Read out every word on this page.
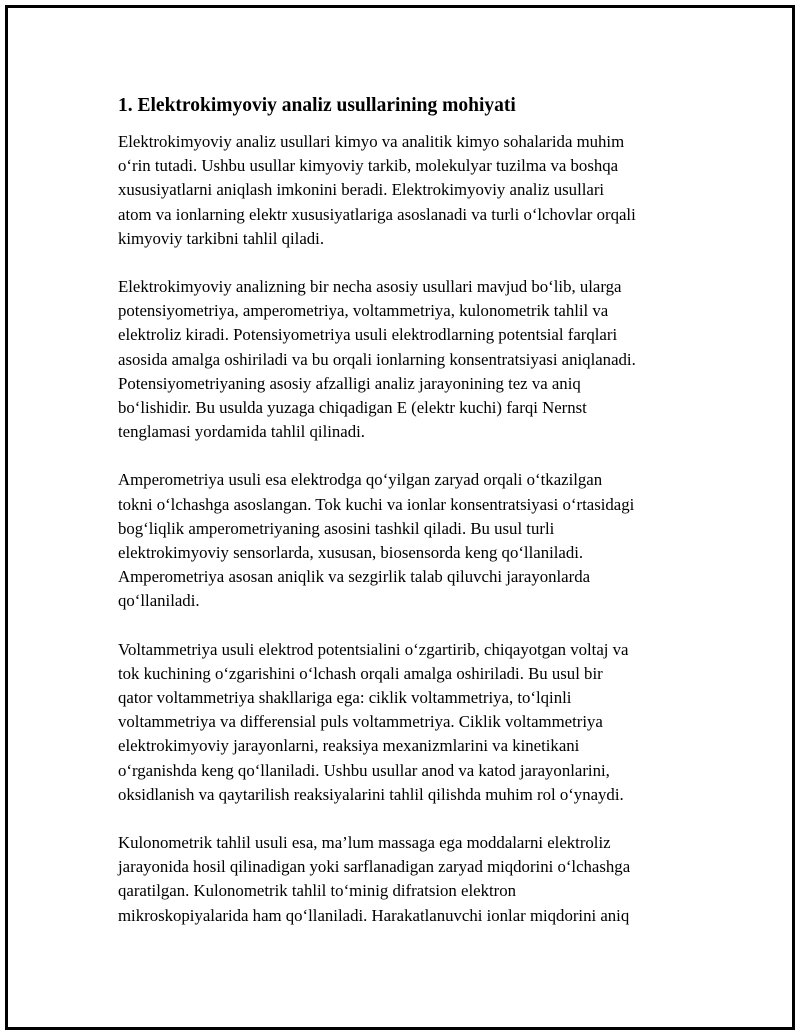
1. Elektrokimyoviy analiz usullarining mohiyati
Elektrokimyoviy analiz usullari kimyo va analitik kimyo sohalarida muhim
o‘rin tutadi. Ushbu usullar kimyoviy tarkib, molekulyar tuzilma va boshqa
xususiyatlarni aniqlash imkonini beradi. Elektrokimyoviy analiz usullari
atom va ionlarning elektr xususiyatlariga asoslanadi va turli o‘lchovlar orqali
kimyoviy tarkibni tahlil qiladi.
Elektrokimyoviy analizning bir necha asosiy usullari mavjud bo‘lib, ularga
potensiyometriya, amperometriya, voltammetriya, kulonometrik tahlil va
elektroliz kiradi. Potensiyometriya usuli elektrodlarning potentsial farqlari
asosida amalga oshiriladi va bu orqali ionlarning konsentratsiyasi aniqlanadi.
Potensiyometriyaning asosiy afzalligi analiz jarayonining tez va aniq
bo‘lishidir. Bu usulda yuzaga chiqadigan E (elektr kuchi) farqi Nernst
tenglamasi yordamida tahlil qilinadi.
Amperometriya usuli esa elektrodga qo‘yilgan zaryad orqali o‘tkazilgan
tokni o‘lchashga asoslangan. Tok kuchi va ionlar konsentratsiyasi o‘rtasidagi
bog‘liqlik amperometriyaning asosini tashkil qiladi. Bu usul turli
elektrokimyoviy sensorlarda, xususan, biosensorda keng qo‘llaniladi.
Amperometriya asosan aniqlik va sezgirlik talab qiluvchi jarayonlarda
qo‘llaniladi.
Voltammetriya usuli elektrod potentsialini o‘zgartirib, chiqayotgan voltaj va
tok kuchining o‘zgarishini o‘lchash orqali amalga oshiriladi. Bu usul bir
qator voltammetriya shakllariga ega: ciklik voltammetriya, to‘lqinli
voltammetriya va differensial puls voltammetriya. Ciklik voltammetriya
elektrokimyoviy jarayonlarni, reaksiya mexanizmlarini va kinetikani
o‘rganishda keng qo‘llaniladi. Ushbu usullar anod va katod jarayonlarini,
oksidlanish va qaytarilish reaksiyalarini tahlil qilishda muhim rol o‘ynaydi.
Kulonometrik tahlil usuli esa, ma’lum massaga ega moddalarni elektroliz
jarayonida hosil qilinadigan yoki sarflanadigan zaryad miqdorini o‘lchashga
qaratilgan. Kulonometrik tahlil to‘minig difratsion elektron
mikroskopiyalarida ham qo‘llaniladi. Harakatlanuvchi ionlar miqdorini aniq
